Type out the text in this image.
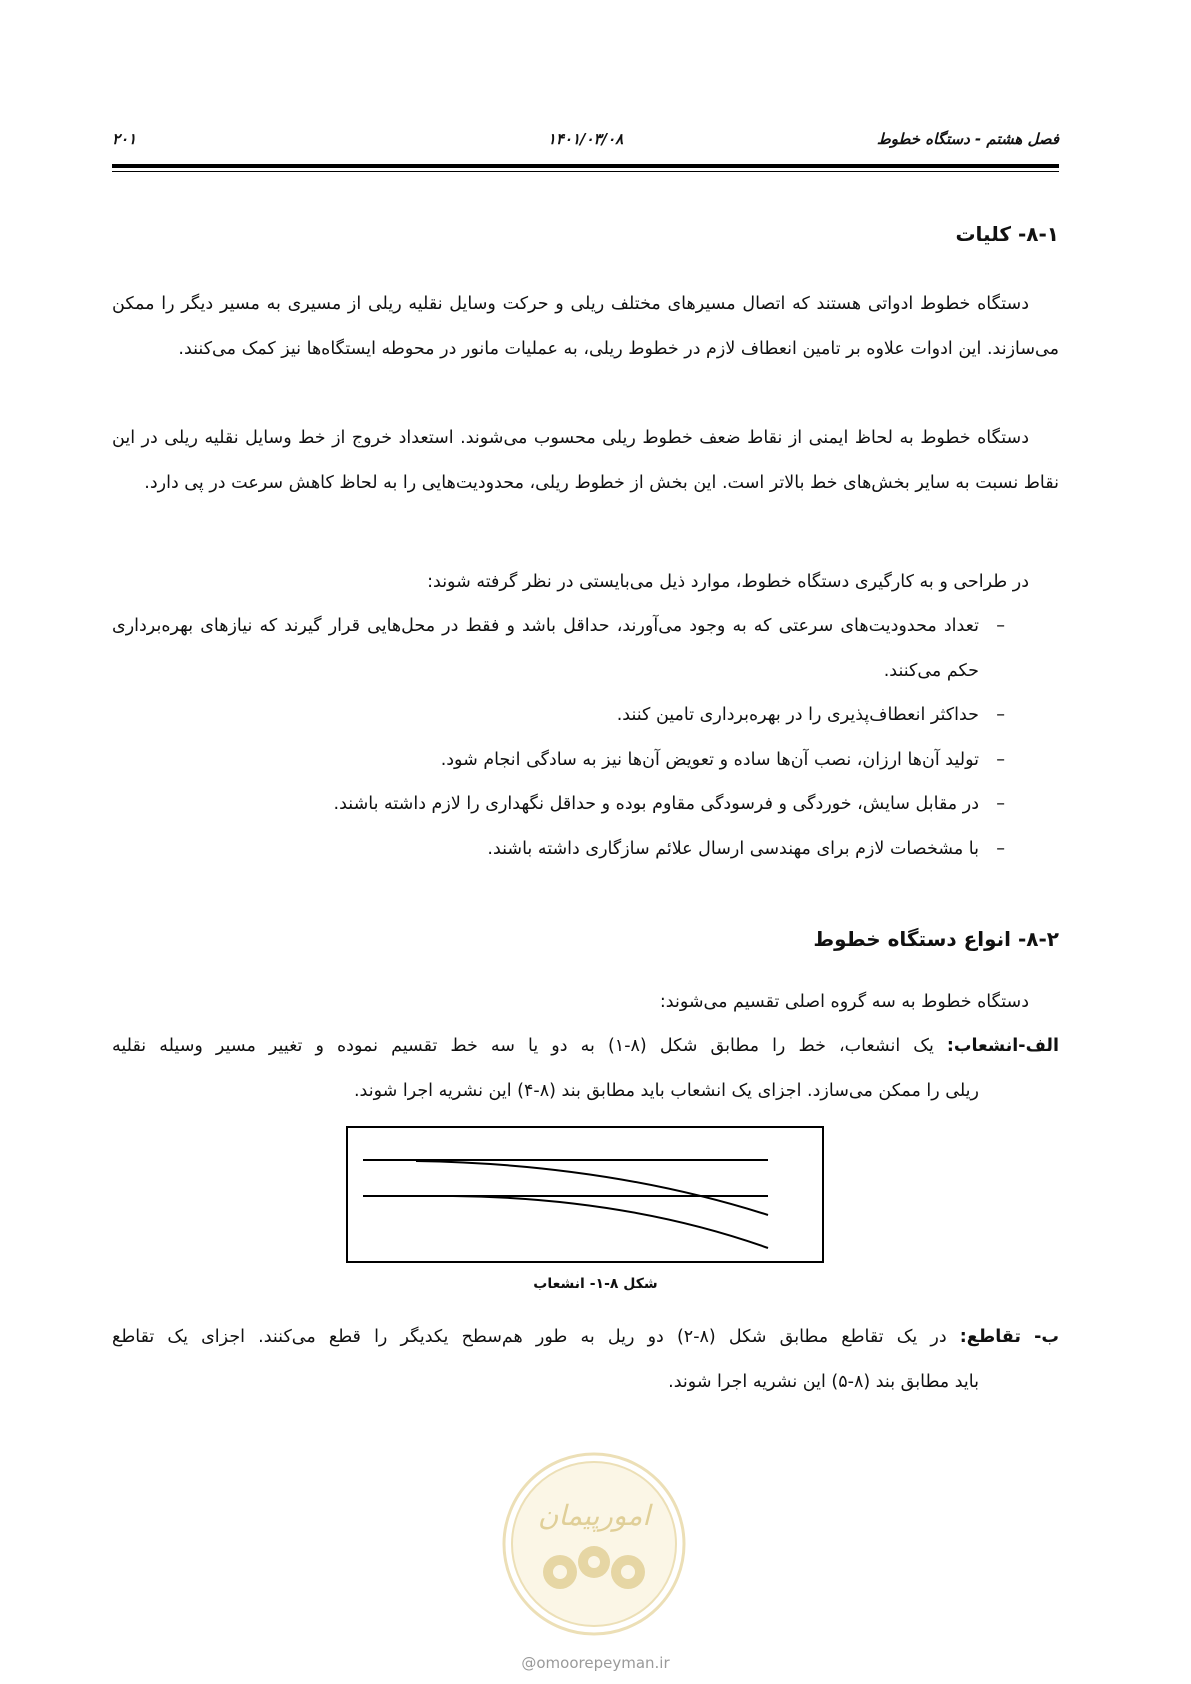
فصل هشتم - دستگاه خطوط
۱۴۰۱/۰۳/۰۸
۲۰۱
۸-۱- کلیات
دستگاه خطوط ادواتی هستند که اتصال مسیرهای مختلف ریلی و حرکت وسایل نقلیه ریلی از مسیری به مسیر دیگر را ممکن می‌سازند. این ادوات علاوه بر تامین انعطاف لازم در خطوط ریلی، به عملیات مانور در محوطه ایستگاه‌ها نیز کمک می‌کنند.
دستگاه خطوط به لحاظ ایمنی از نقاط ضعف خطوط ریلی محسوب می‌شوند. استعداد خروج از خط وسایل نقلیه ریلی در این نقاط نسبت به سایر بخش‌های خط بالاتر است. این بخش از خطوط ریلی، محدودیت‌هایی را به لحاظ کاهش سرعت در پی دارد.
در طراحی و به کارگیری دستگاه خطوط، موارد ذیل می‌بایستی در نظر گرفته شوند:
–
تعداد محدودیت‌های سرعتی که به وجود می‌آورند، حداقل باشد و فقط در محل‌هایی قرار گیرند که نیازهای بهره‌برداری حکم می‌کنند.
–
حداکثر انعطاف‌پذیری را در بهره‌برداری تامین کنند.
–
تولید آن‌ها ارزان، نصب آن‌ها ساده و تعویض آن‌ها نیز به سادگی انجام شود.
–
در مقابل سایش، خوردگی و فرسودگی مقاوم بوده و حداقل نگهداری را لازم داشته باشند.
–
با مشخصات لازم برای مهندسی ارسال علائم سازگاری داشته باشند.
۸-۲- انواع دستگاه خطوط
دستگاه خطوط به سه گروه اصلی تقسیم می‌شوند:
الف-انشعاب: یک انشعاب، خط را مطابق شکل (۸-۱) به دو یا سه خط تقسیم نموده و تغییر مسیر وسیله نقلیه
ریلی را ممکن می‌سازد. اجزای یک انشعاب باید مطابق بند (۸-۴) این نشریه اجرا شوند.
شکل ۸-۱- انشعاب
ب- تقاطع: در یک تقاطع مطابق شکل (۸-۲) دو ریل به طور هم‌سطح یکدیگر را قطع می‌کنند. اجزای یک تقاطع
باید مطابق بند (۸-۵) این نشریه اجرا شوند.
امورپیمان
@omoorepeyman.ir
